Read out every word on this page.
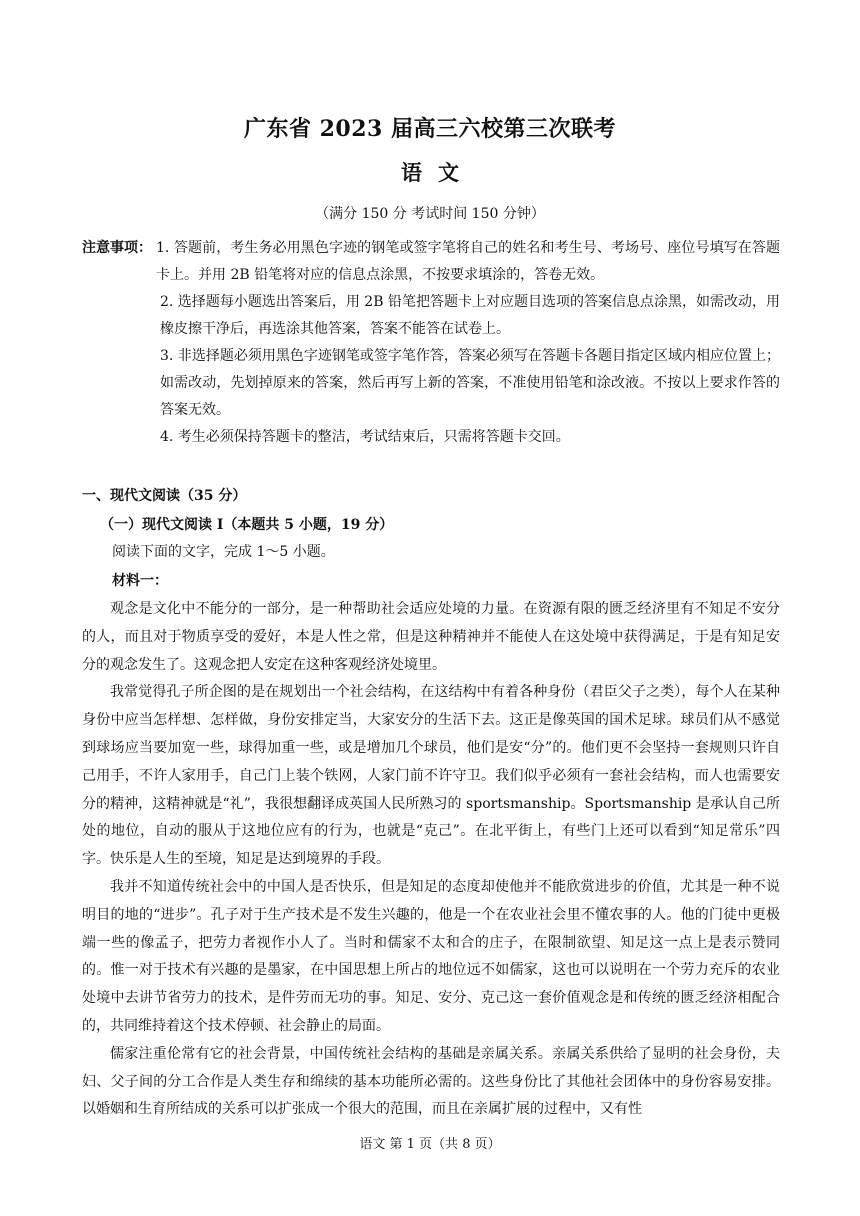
广东省 2023 届高三六校第三次联考
语文
（满分 150 分 考试时间 150 分钟）
注意事项： 1. 答题前，考生务必用黑色字迹的钢笔或签字笔将自己的姓名和考生号、考场号、座位号填写在答题卡上。并用 2B 铅笔将对应的信息点涂黑，不按要求填涂的，答卷无效。
2. 选择题每小题选出答案后，用 2B 铅笔把答题卡上对应题目选项的答案信息点涂黑，如需改动，用橡皮擦干净后，再选涂其他答案，答案不能答在试卷上。
3. 非选择题必须用黑色字迹钢笔或签字笔作答，答案必须写在答题卡各题目指定区域内相应位置上；如需改动，先划掉原来的答案，然后再写上新的答案，不准使用铅笔和涂改液。不按以上要求作答的答案无效。
4. 考生必须保持答题卡的整洁，考试结束后，只需将答题卡交回。
一、现代文阅读（35 分）
（一）现代文阅读 I（本题共 5 小题，19 分）
阅读下面的文字，完成 1～5 小题。
材料一：

观念是文化中不能分的一部分，是一种帮助社会适应处境的力量。在资源有限的匮乏经济里有不知足不安分的人，而且对于物质享受的爱好，本是人性之常，但是这种精神并不能使人在这处境中获得满足，于是有知足安分的观念发生了。这观念把人安定在这种客观经济处境里。

我常觉得孔子所企图的是在规划出一个社会结构，在这结构中有着各种身份（君臣父子之类），每个人在某种身份中应当怎样想、怎样做，身份安排定当，大家安分的生活下去。这正是像英国的国术足球。球员们从不感觉到球场应当要加宽一些，球得加重一些，或是增加几个球员，他们是安“分”的。他们更不会坚持一套规则只许自己用手，不许人家用手，自己门上装个铁网，人家门前不许守卫。我们似乎必须有一套社会结构，而人也需要安分的精神，这精神就是“礼”，我很想翻译成英国人民所熟习的 sportsmanship。Sportsmanship 是承认自己所处的地位，自动的服从于这地位应有的行为，也就是“克己”。在北平街上，有些门上还可以看到“知足常乐”四字。快乐是人生的至境，知足是达到境界的手段。

我并不知道传统社会中的中国人是否快乐，但是知足的态度却使他并不能欣赏进步的价值，尤其是一种不说明目的地的“进步”。孔子对于生产技术是不发生兴趣的，他是一个在农业社会里不懂农事的人。他的门徒中更极端一些的像孟子，把劳力者视作小人了。当时和儒家不太和合的庄子，在限制欲望、知足这一点上是表示赞同的。惟一对于技术有兴趣的是墨家，在中国思想上所占的地位远不如儒家，这也可以说明在一个劳力充斥的农业处境中去讲节省劳力的技术，是件劳而无功的事。知足、安分、克己这一套价值观念是和传统的匮乏经济相配合的，共同维持着这个技术停顿、社会静止的局面。

儒家注重伦常有它的社会背景，中国传统社会结构的基础是亲属关系。亲属关系供给了显明的社会身份，夫妇、父子间的分工合作是人类生存和绵续的基本功能所必需的。这些身份比了其他社会团体中的身份容易安排。以婚姻和生育所结成的关系可以扩张成一个很大的范围，而且在亲属扩展的过程中，又有性

语文 第 1 页（共 8 页）
